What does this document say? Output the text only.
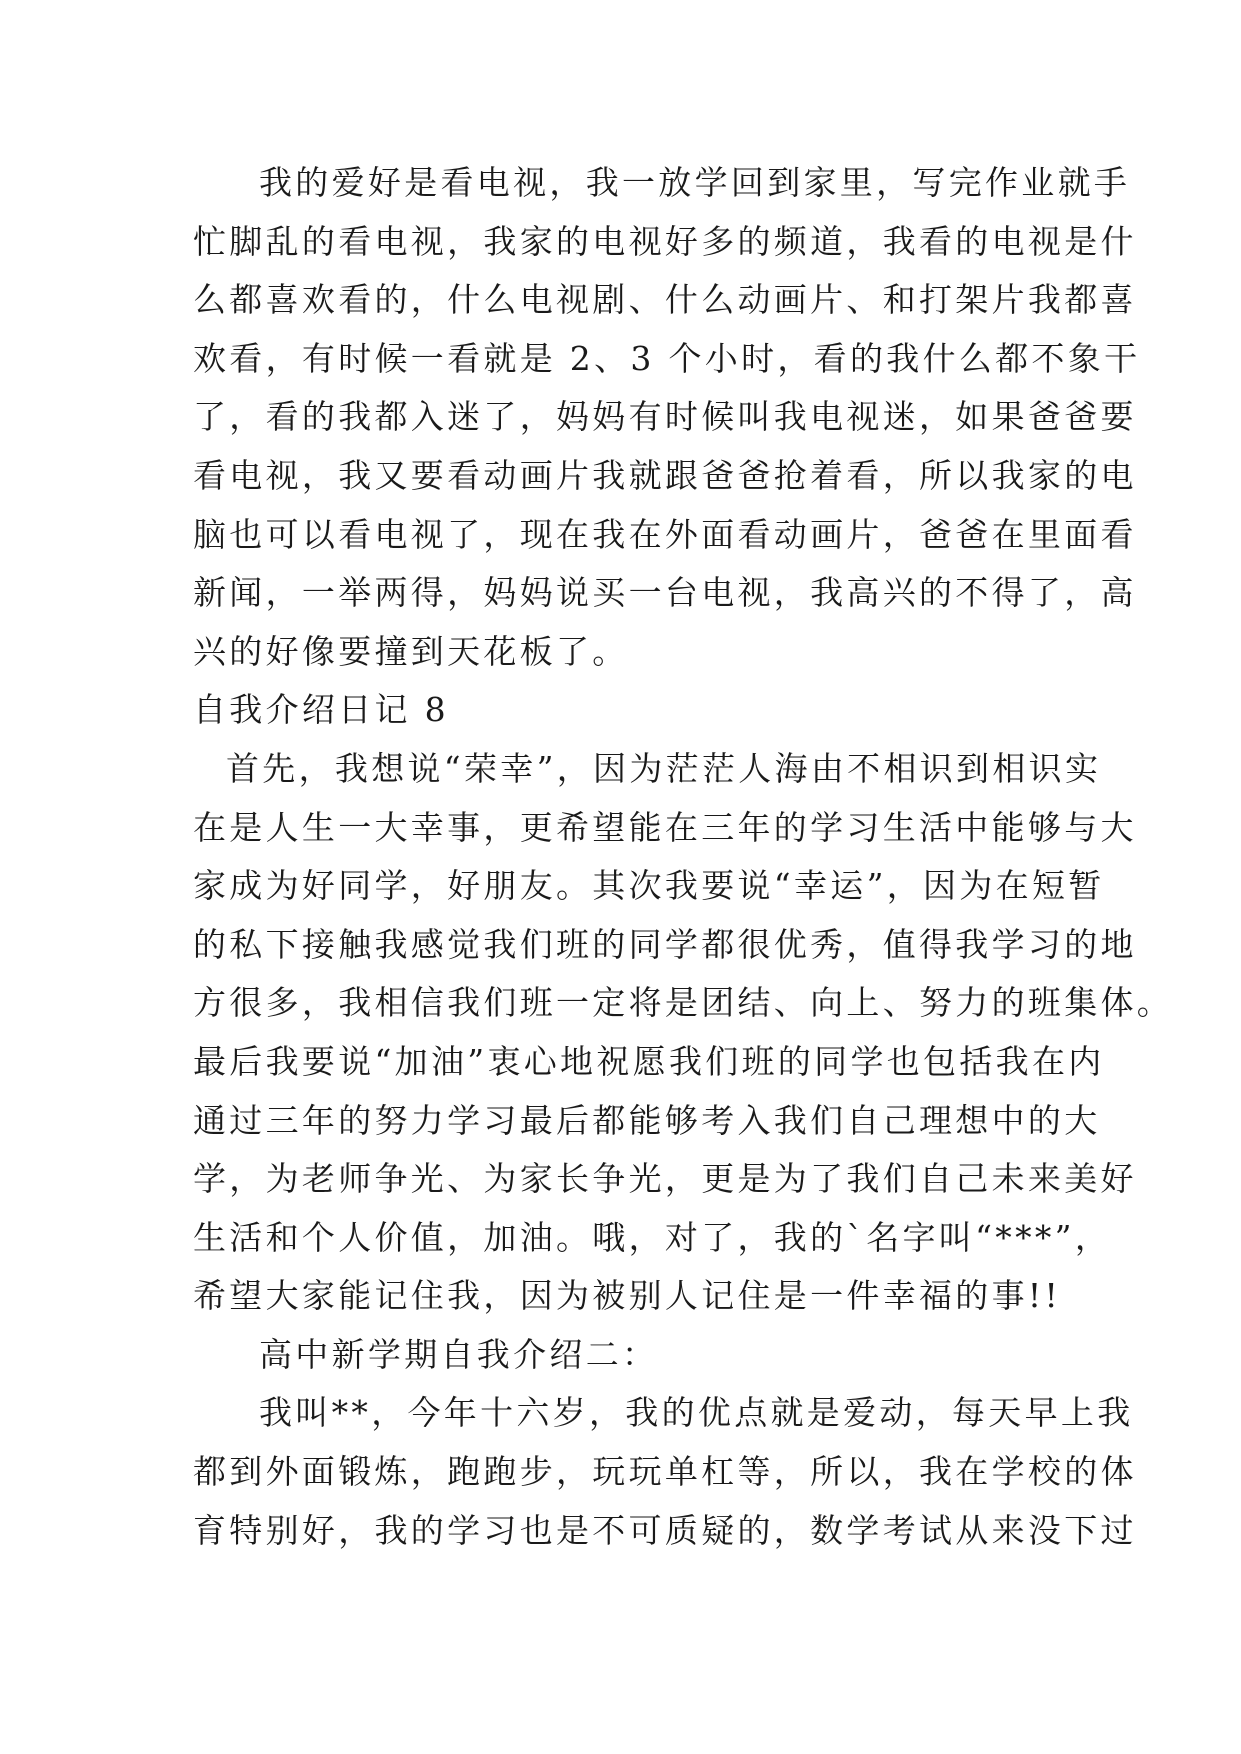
我的爱好是看电视，我一放学回到家里，写完作业就手
忙脚乱的看电视，我家的电视好多的频道，我看的电视是什
么都喜欢看的，什么电视剧、什么动画片、和打架片我都喜
欢看，有时候一看就是 2、3 个小时，看的我什么都不象干
了，看的我都入迷了，妈妈有时候叫我电视迷，如果爸爸要
看电视，我又要看动画片我就跟爸爸抢着看，所以我家的电
脑也可以看电视了，现在我在外面看动画片，爸爸在里面看
新闻，一举两得，妈妈说买一台电视，我高兴的不得了，高
兴的好像要撞到天花板了。
自我介绍日记 8
首先，我想说“荣幸”，因为茫茫人海由不相识到相识实
在是人生一大幸事，更希望能在三年的学习生活中能够与大
家成为好同学，好朋友。其次我要说“幸运”，因为在短暂
的私下接触我感觉我们班的同学都很优秀，值得我学习的地
方很多，我相信我们班一定将是团结、向上、努力的班集体。
最后我要说“加油”衷心地祝愿我们班的同学也包括我在内
通过三年的努力学习最后都能够考入我们自己理想中的大
学，为老师争光、为家长争光，更是为了我们自己未来美好
生活和个人价值，加油。哦，对了，我的`名字叫“***”，
希望大家能记住我，因为被别人记住是一件幸福的事!!
高中新学期自我介绍二：
我叫**，今年十六岁，我的优点就是爱动，每天早上我
都到外面锻炼，跑跑步，玩玩单杠等，所以，我在学校的体
育特别好，我的学习也是不可质疑的，数学考试从来没下过
